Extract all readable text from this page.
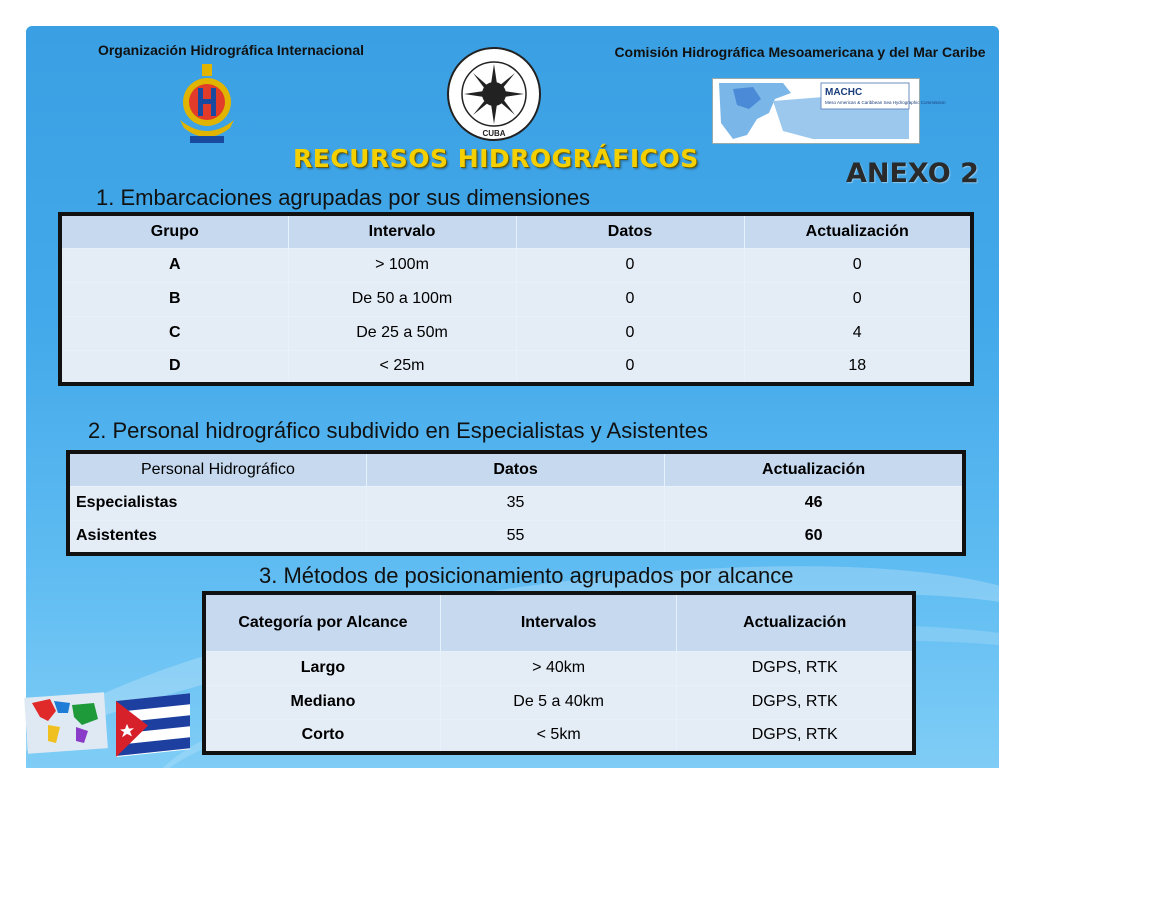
Organización Hidrográfica Internacional	Comisión Hidrográfica Mesoamericana y del Mar Caribe
CUBA
MACHC
Meso American & Caribbean Sea Hydrographic Commission
RECURSOS HIDROGRÁFICOS	ANEXO 2
1. Embarcaciones agrupadas por sus dimensiones
Grupo	Intervalo	Datos	Actualización
A	> 100m	0	0
B	De 50 a 100m	0	0
C	De 25 a 50m	0	4
D	< 25m	0	18
2. Personal hidrográfico subdivido en Especialistas y Asistentes
Personal Hidrográfico	Datos	Actualización
Especialistas	35	46
Asistentes	55	60
3. Métodos de posicionamiento agrupados por alcance
Categoría por Alcance	Intervalos	Actualización
Largo	> 40km	DGPS, RTK
Mediano	De 5 a 40km	DGPS, RTK
Corto	< 5km	DGPS, RTK
